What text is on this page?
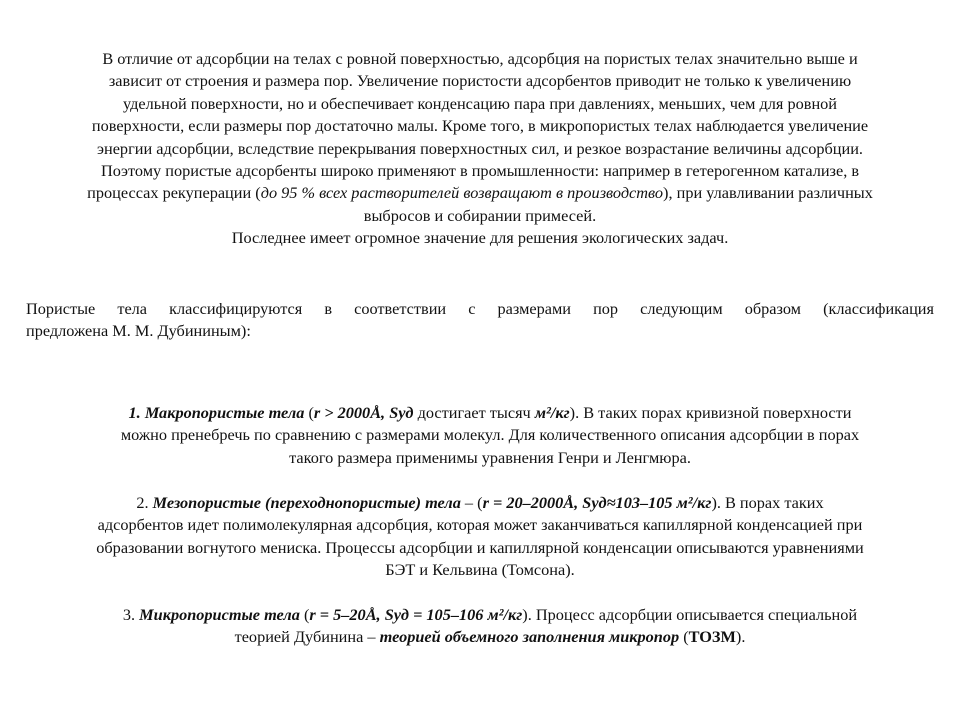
В отличие от адсорбции на телах с ровной поверхностью, адсорбция на пористых телах значительно выше и

зависит от строения и размера пор. Увеличение пористости адсорбентов приводит не только к увеличению

удельной поверхности, но и обеспечивает конденсацию пара при давлениях, меньших, чем для ровной

поверхности, если размеры пор достаточно малы. Кроме того, в микропористых телах наблюдается увеличение

энергии адсорбции, вследствие перекрывания поверхностных сил, и резкое возрастание величины адсорбции.

Поэтому пористые адсорбенты широко применяют в промышленности: например в гетерогенном катализе, в

процессах рекуперации (до 95 % всех растворителей возвращают в производство), при улавливании различных

выбросов и собирании примесей.

Последнее имеет огромное значение для решения экологических задач.

Пористые тела классифицируются в соответствии с размерами пор следующим образом (классификация

предложена М. М. Дубининым):

1. Макропористые тела (r > 2000Å, Sуд достигает тысяч м²/кг). В таких порах кривизной поверхности

можно пренебречь по сравнению с размерами молекул. Для количественного описания адсорбции в порах

такого размера применимы уравнения Генри и Ленгмюра.

2. Мезопористые (переходнопористые) тела – (r = 20–2000Å, Sуд≈103–105 м²/кг). В порах таких

адсорбентов идет полимолекулярная адсорбция, которая может заканчиваться капиллярной конденсацией при

образовании вогнутого мениска. Процессы адсорбции и капиллярной конденсации описываются уравнениями

БЭТ и Кельвина (Томсона).

3. Микропористые тела (r = 5–20Å, Sуд = 105–106 м²/кг). Процесс адсорбции описывается специальной

теорией Дубинина – теорией объемного заполнения микропор (ТОЗМ).
